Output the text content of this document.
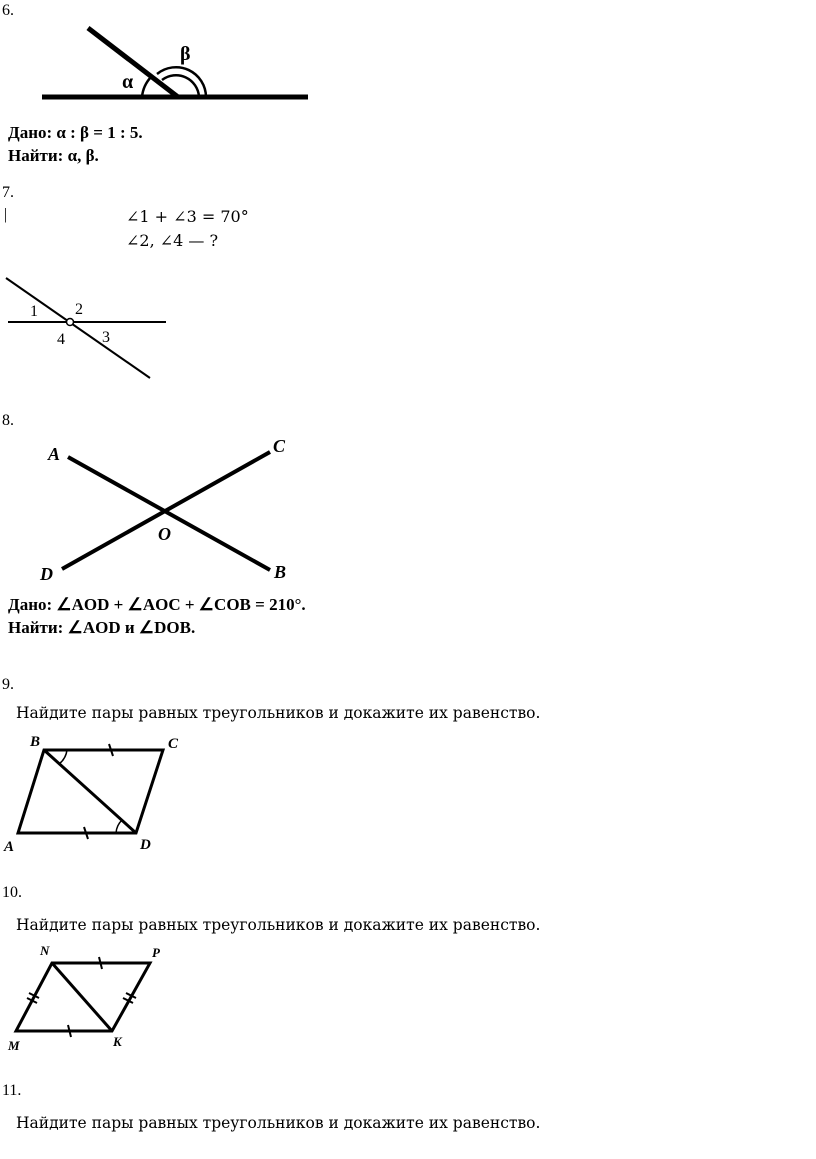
6.
α
β
Дано: α : β = 1 : 5.
Найти: α, β.
7.
|	∠1 + ∠3 = 70°
∠2, ∠4 — ?
1 2
3
4
8.
A	C
O
D	B
Дано: ∠AOD + ∠AOC + ∠COB = 210°.
Найти: ∠AOD и ∠DOB.
9.
Найдите пары равных треугольников и докажите их равенство.
B	C
A	D
10.
Найдите пары равных треугольников и докажите их равенство.
N	P
M	K
11.
Найдите пары равных треугольников и докажите их равенство.
